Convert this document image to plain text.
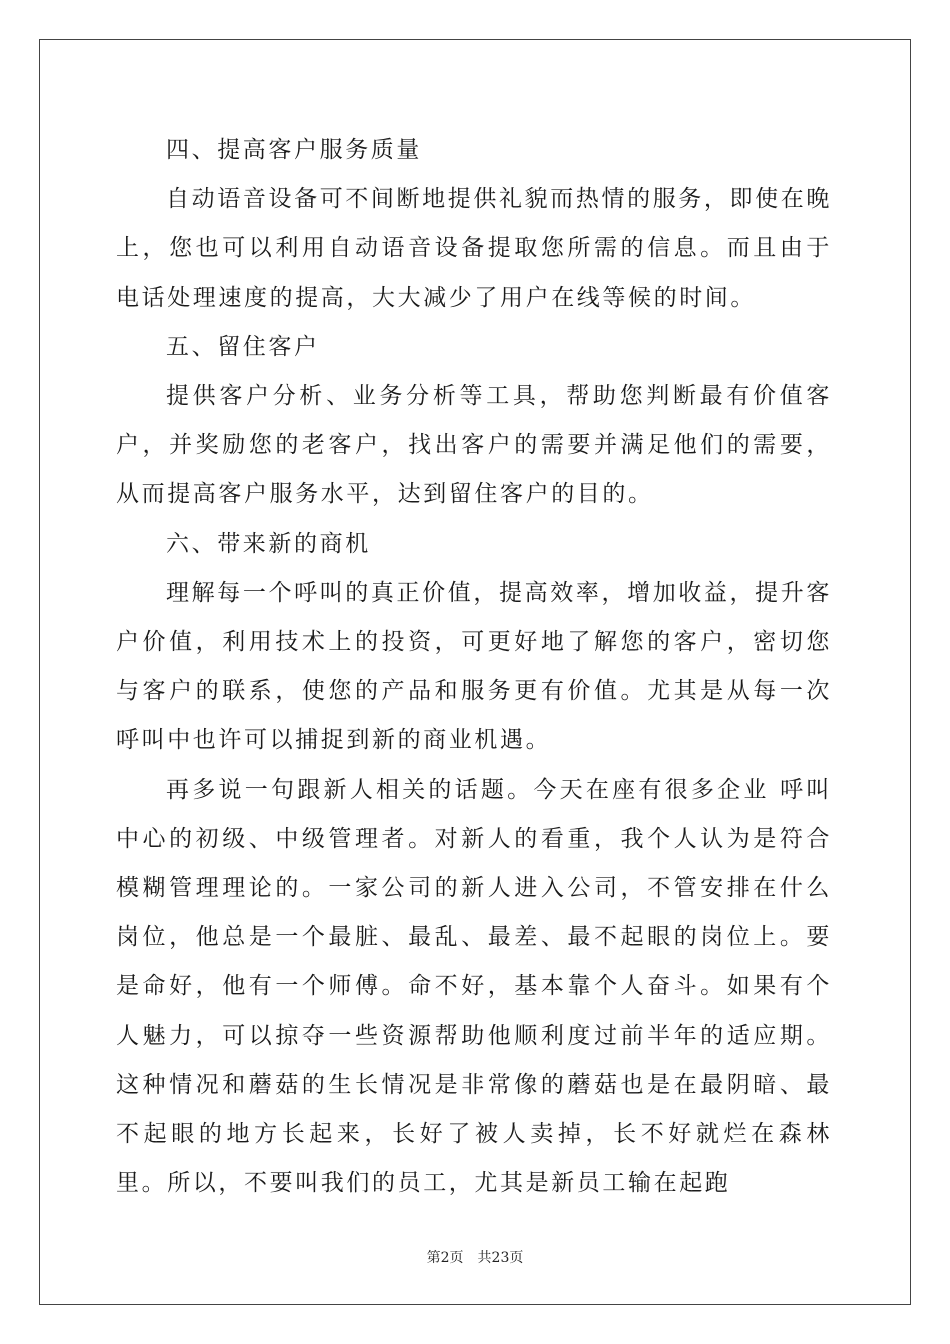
四、提高客户服务质量

自动语音设备可不间断地提供礼貌而热情的服务，即使在晚上，您也可以利用自动语音设备提取您所需的信息。而且由于电话处理速度的提高，大大减少了用户在线等候的时间。

五、留住客户

提供客户分析、业务分析等工具，帮助您判断最有价值客户，并奖励您的老客户，找出客户的需要并满足他们的需要，从而提高客户服务水平，达到留住客户的目的。

六、带来新的商机

理解每一个呼叫的真正价值，提高效率，增加收益，提升客户价值，利用技术上的投资，可更好地了解您的客户，密切您与客户的联系，使您的产品和服务更有价值。尤其是从每一次呼叫中也许可以捕捉到新的商业机遇。

再多说一句跟新人相关的话题。今天在座有很多企业 呼叫中心的初级、中级管理者。对新人的看重，我个人认为是符合模糊管理理论的。一家公司的新人进入公司，不管安排在什么岗位，他总是一个最脏、最乱、最差、最不起眼的岗位上。要是命好，他有一个师傅。命不好，基本靠个人奋斗。如果有个人魅力，可以掠夺一些资源帮助他顺利度过前半年的适应期。这种情况和蘑菇的生长情况是非常像的蘑菇也是在最阴暗、最不起眼的地方长起来，长好了被人卖掉，长不好就烂在森林里。所以，不要叫我们的员工，尤其是新员工输在起跑

第2页 共23页
